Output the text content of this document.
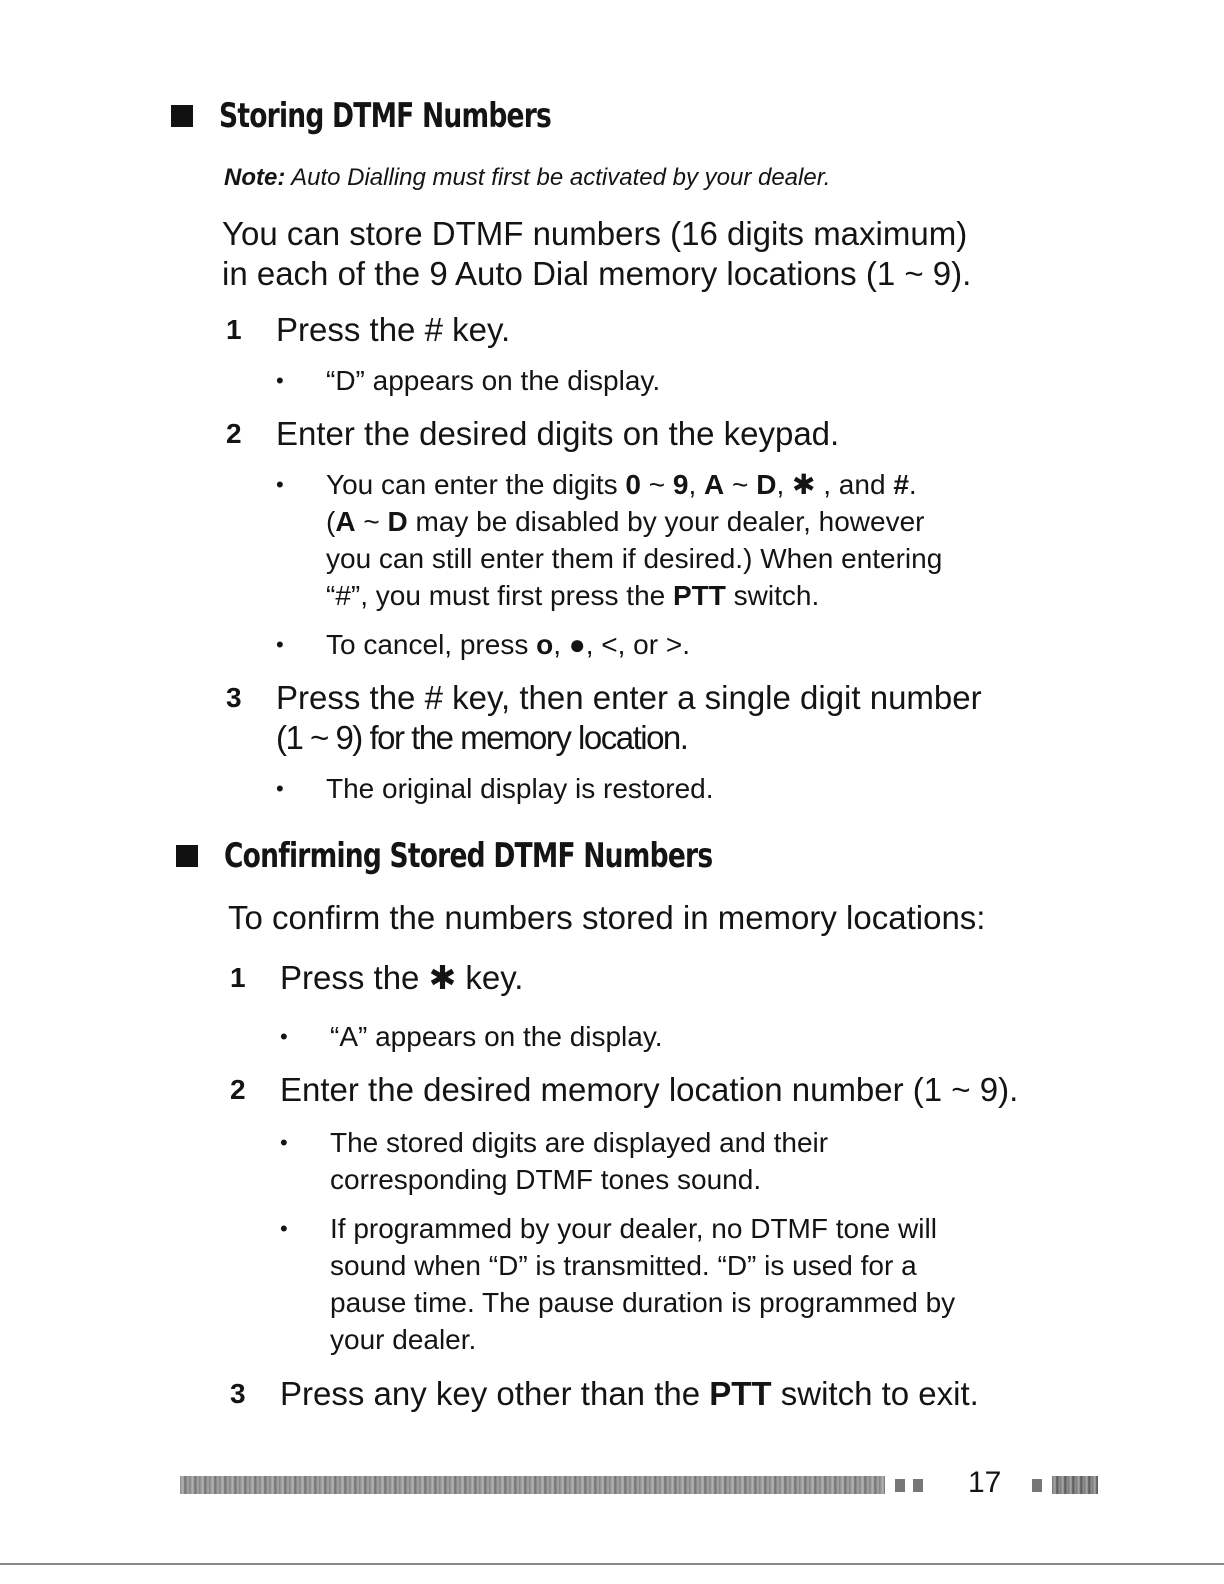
Storing DTMF Numbers
Note: Auto Dialling must first be activated by your dealer.
You can store DTMF numbers (16 digits maximum)
in each of the 9 Auto Dial memory locations (1 ~ 9).
1	Press the # key.
•	“D” appears on the display.
2	Enter the desired digits on the keypad.
•	You can enter the digits 0 ~ 9, A ~ D, ✱ , and #.
(A ~ D may be disabled by your dealer, however
you can still enter them if desired.) When entering
“#”, you must first press the PTT switch.
•	To cancel, press o, ●, <, or >.
3	Press the # key, then enter a single digit number
(1 ~ 9) for the memory location.
•	The original display is restored.
Confirming Stored DTMF Numbers
To confirm the numbers stored in memory locations:
1	Press the ✱ key.
•	“A” appears on the display.
2	Enter the desired memory location number (1 ~ 9).
•	The stored digits are displayed and their
corresponding DTMF tones sound.
•	If programmed by your dealer, no DTMF tone will
sound when “D” is transmitted. “D” is used for a
pause time. The pause duration is programmed by
your dealer.
3	Press any key other than the PTT switch to exit.
17
